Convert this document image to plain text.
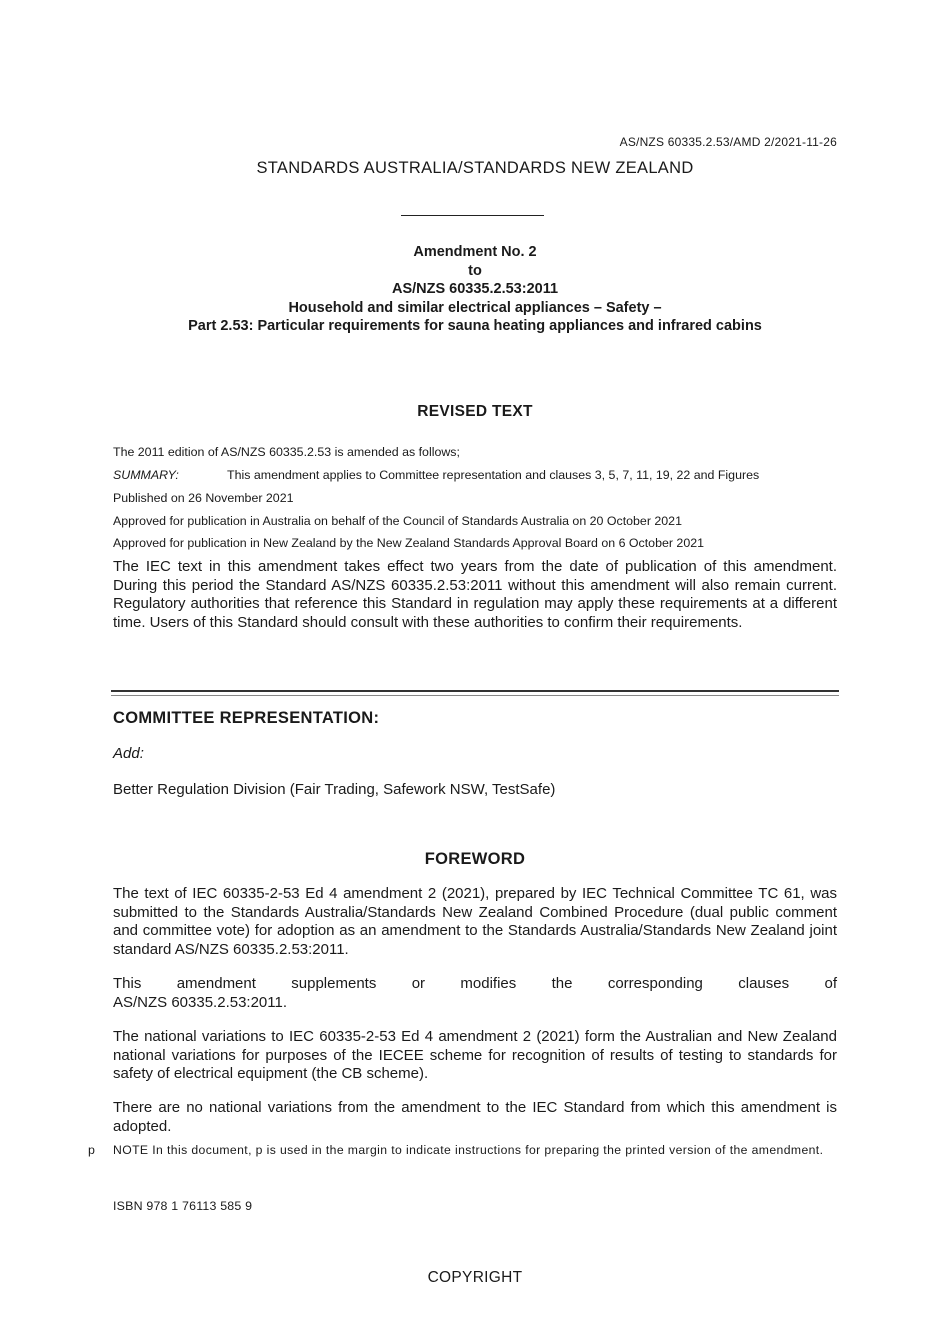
AS/NZS 60335.2.53/AMD 2/2021-11-26
STANDARDS AUSTRALIA/STANDARDS NEW ZEALAND
Amendment No. 2
to
AS/NZS 60335.2.53:2011
Household and similar electrical appliances – Safety –
Part 2.53: Particular requirements for sauna heating appliances and infrared cabins
REVISED TEXT
The 2011 edition of AS/NZS 60335.2.53 is amended as follows;
SUMMARY:	This amendment applies to Committee representation and clauses 3, 5, 7, 11, 19, 22 and Figures
Published on 26 November 2021
Approved for publication in Australia on behalf of the Council of Standards Australia on 20 October 2021
Approved for publication in New Zealand by the New Zealand Standards Approval Board on 6 October 2021
The IEC text in this amendment takes effect two years from the date of publication of this amendment. During this period the Standard AS/NZS 60335.2.53:2011 without this amendment will also remain current. Regulatory authorities that reference this Standard in regulation may apply these requirements at a different time. Users of this Standard should consult with these authorities to confirm their requirements.
COMMITTEE REPRESENTATION:
Add:
Better Regulation Division (Fair Trading, Safework NSW, TestSafe)
FOREWORD
The text of IEC 60335-2-53 Ed 4 amendment 2 (2021), prepared by IEC Technical Committee TC 61, was submitted to the Standards Australia/Standards New Zealand Combined Procedure (dual public comment and committee vote) for adoption as an amendment to the Standards Australia/Standards New Zealand joint standard AS/NZS 60335.2.53:2011.
This amendment supplements or modifies the corresponding clauses of
AS/NZS 60335.2.53:2011.
The national variations to IEC 60335-2-53 Ed 4 amendment 2 (2021) form the Australian and New Zealand national variations for purposes of the IECEE scheme for recognition of results of testing to standards for safety of electrical equipment (the CB scheme).
There are no national variations from the amendment to the IEC Standard from which this amendment is adopted.
p NOTE In this document, p is used in the margin to indicate instructions for preparing the printed version of the amendment.
ISBN 978 1 76113 585 9
COPYRIGHT
